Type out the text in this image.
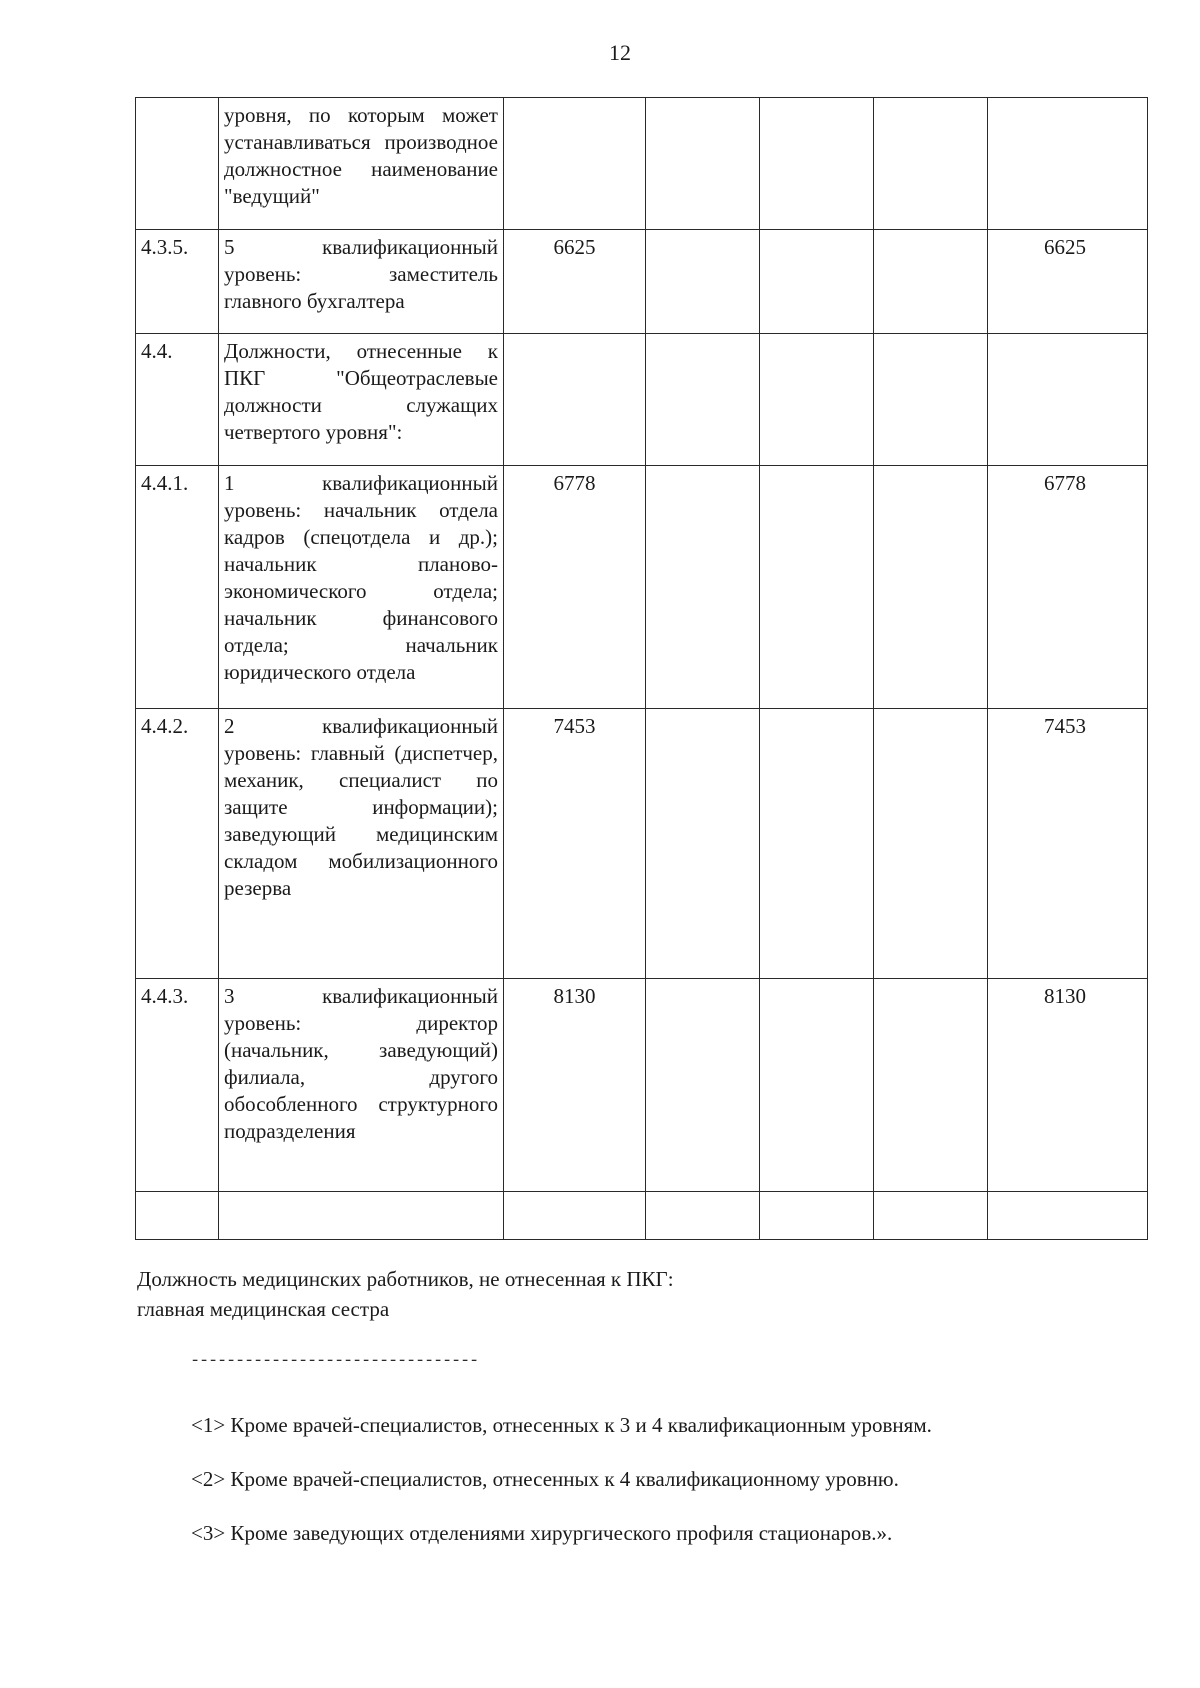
12
	уровня, по которым может устанавливаться производное должностное наименование "ведущий"					
4.3.5.	5 квалификационный уровень: заместитель главного бухгалтера	6625				6625
4.4.	Должности, отнесенные к ПКГ "Общеотраслевые должности служащих четвертого уровня":					
4.4.1.	1 квалификационный уровень: начальник отдела кадров (спецотдела и др.); начальник планово-экономического отдела; начальник финансового отдела; начальник юридического отдела	6778				6778
4.4.2.	2 квалификационный уровень: главный (диспетчер, механик, специалист по защите информации); заведующий медицинским складом мобилизационного резерва	7453				7453
4.4.3.	3 квалификационный уровень: директор (начальник, заведующий) филиала, другого обособленного структурного подразделения	8130				8130

Должность медицинских работников, не отнесенная к ПКГ:
главная медицинская сестра
--------------------------------
<1> Кроме врачей-специалистов, отнесенных к 3 и 4 квалификационным уровням.
<2> Кроме врачей-специалистов, отнесенных к 4 квалификационному уровню.
<3> Кроме заведующих отделениями хирургического профиля стационаров.».
